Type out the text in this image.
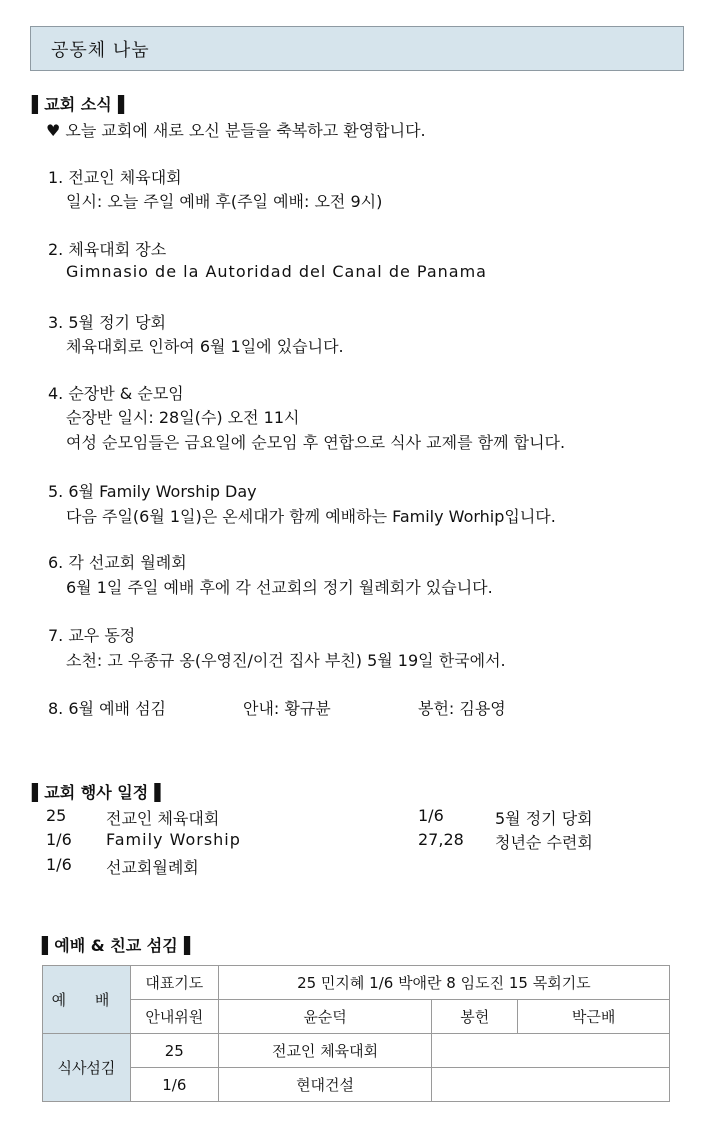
공동체 나눔
▌교회 소식▐
♥ 오늘 교회에 새로 오신 분들을 축복하고 환영합니다.
1. 전교인 체육대회
일시: 오늘 주일 예배 후(주일 예배: 오전 9시)
2. 체육대회 장소
Gimnasio de la Autoridad del Canal de Panama
3. 5월 정기 당회
체육대회로 인하여 6월 1일에 있습니다.
4. 순장반 & 순모임
순장반 일시: 28일(수) 오전 11시
여성 순모임들은 금요일에 순모임 후 연합으로 식사 교제를 함께 합니다.
5. 6월 Family Worship Day
다음 주일(6월 1일)은 온세대가 함께 예배하는 Family Worhip입니다.
6. 각 선교회 월례회
6월 1일 주일 예배 후에 각 선교회의 정기 월례회가 있습니다.
7. 교우 동정
소천: 고 우종규 옹(우영진/이건 집사 부친) 5월 19일 한국에서.
8. 6월 예배 섬김	안내: 황규뷴	봉헌: 김용영
▌교회 행사 일정▐
25 전교인 체육대회
1/6 Family Worship
1/6 선교회월례회
1/6	5월 정기 당회
27,28 청년순 수련회
▌예배 & 친교 섬김▐
예 배	대표기도	25 민지혜 1/6 박애란 8 임도진 15 목회기도		
	안내위원	윤순덕	봉헌	박근배
식사섬김	25	전교인 체육대회		
	1/6	현대건설		
